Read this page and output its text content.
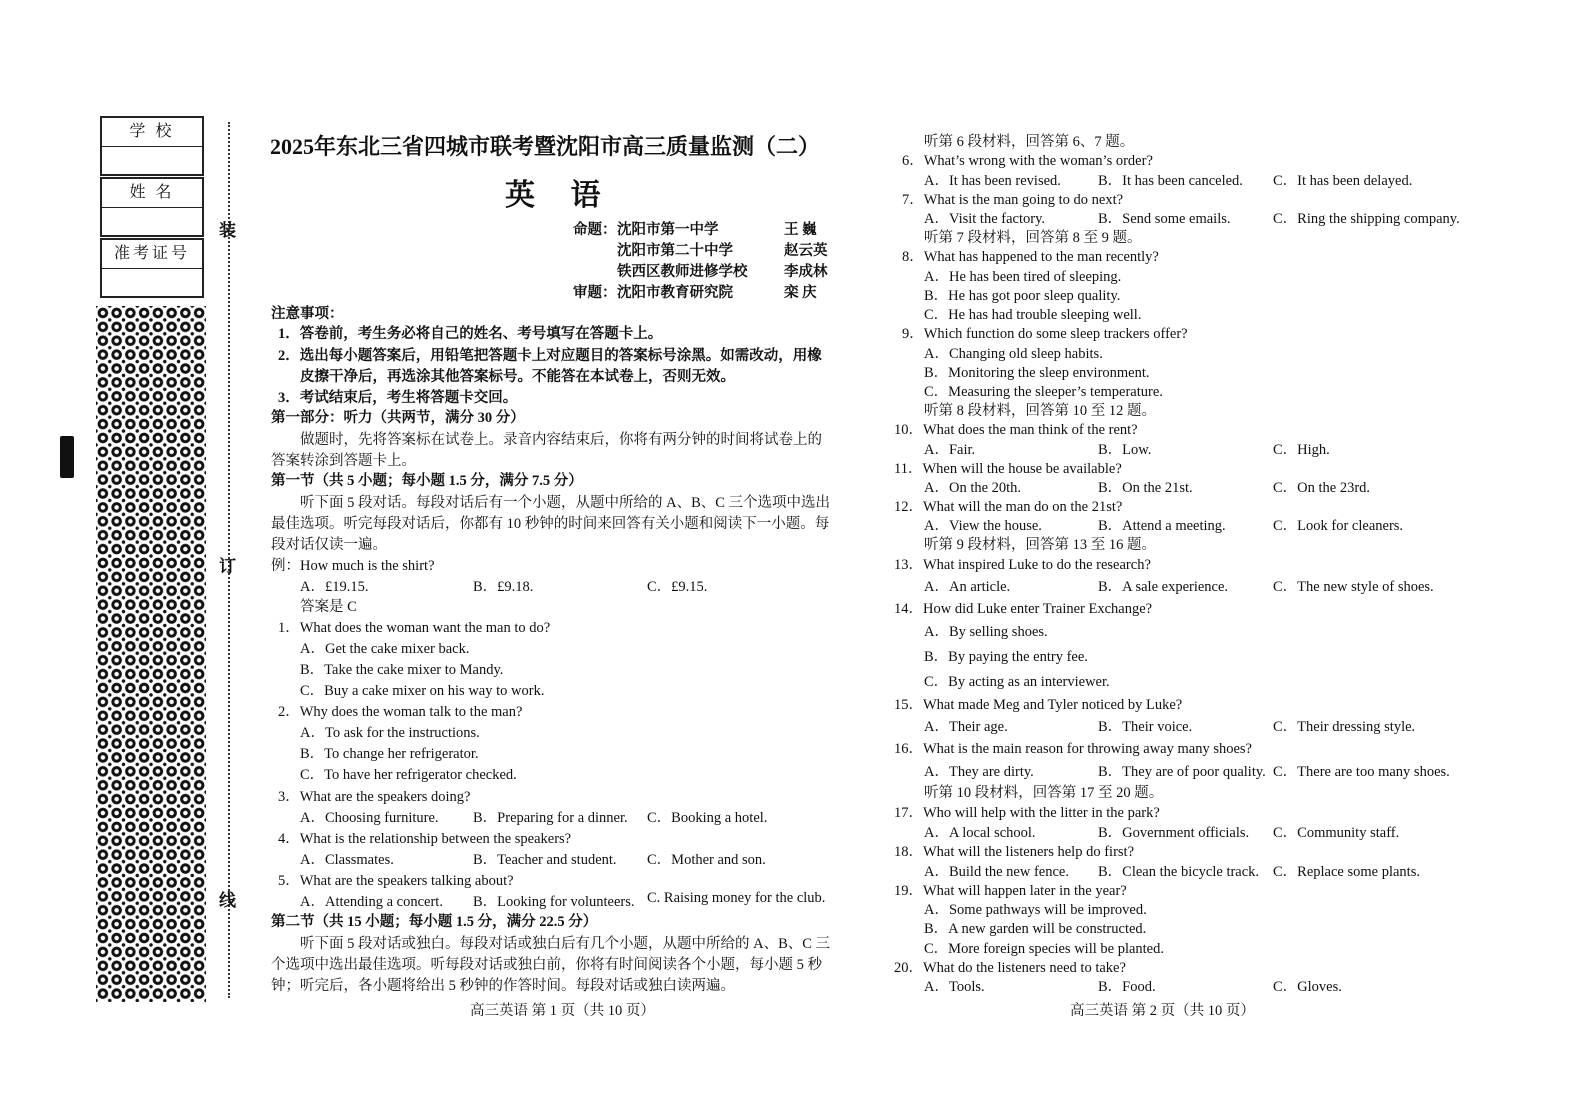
学 校
姓 名
准考证号
装
订
线
2025年东北三省四城市联考暨沈阳市高三质量监测（二）
英 语
命题： 沈阳市第一中学	王 巍
沈阳市第二十中学	赵云英
铁西区教师进修学校	李成林
审题： 沈阳市教育研究院	栾 庆
注意事项：
1．答卷前，考生务必将自己的姓名、考号填写在答题卡上。
2．选出每小题答案后，用铅笔把答题卡上对应题目的答案标号涂黑。如需改动，用橡
皮擦干净后，再选涂其他答案标号。不能答在本试卷上，否则无效。
3．考试结束后，考生将答题卡交回。
第一部分：听力（共两节，满分 30 分）
做题时，先将答案标在试卷上。录音内容结束后，你将有两分钟的时间将试卷上的
答案转涂到答题卡上。
第一节（共 5 小题；每小题 1.5 分，满分 7.5 分）
听下面 5 段对话。每段对话后有一个小题，从题中所给的 A、B、C 三个选项中选出
最佳选项。听完每段对话后，你都有 10 秒钟的时间来回答有关小题和阅读下一小题。每
段对话仅读一遍。
例：How much is the shirt?
A．£19.15.	B．£9.18.	C．£9.15.
答案是 C
1．What does the woman want the man to do?
A．Get the cake mixer back.
B．Take the cake mixer to Mandy.
C．Buy a cake mixer on his way to work.
2．Why does the woman talk to the man?
A．To ask for the instructions.
B．To change her refrigerator.
C．To have her refrigerator checked.
3．What are the speakers doing?
A．Choosing furniture. B．Preparing for a dinner. C．Booking a hotel.
4．What is the relationship between the speakers?
A．Classmates.	B．Teacher and student. C．Mother and son.
5．What are the speakers talking about?
A．Attending a concert. B．Looking for volunteers. C. Raising money for the club.
第二节（共 15 小题；每小题 1.5 分，满分 22.5 分）
听下面 5 段对话或独白。每段对话或独白后有几个小题，从题中所给的 A、B、C 三
个选项中选出最佳选项。听每段对话或独白前，你将有时间阅读各个小题，每小题 5 秒
钟；听完后，各小题将给出 5 秒钟的作答时间。每段对话或独白读两遍。
高三英语 第 1 页（共 10 页）
听第 6 段材料，回答第 6、7 题。
6．What’s wrong with the woman’s order?
A．It has been revised.	B．It has been canceled. C．It has been delayed.
7．What is the man going to do next?
A．Visit the factory.	B．Send some emails.	C．Ring the shipping company.
听第 7 段材料，回答第 8 至 9 题。
8．What has happened to the man recently?
A．He has been tired of sleeping.
B．He has got poor sleep quality.
C．He has had trouble sleeping well.
9．Which function do some sleep trackers offer?
A．Changing old sleep habits.
B．Monitoring the sleep environment.
C．Measuring the sleeper’s temperature.
听第 8 段材料，回答第 10 至 12 题。
10．What does the man think of the rent?
A．Fair.	B．Low.	C．High.
11．When will the house be available?
A．On the 20th.	B．On the 21st.	C．On the 23rd.
12．What will the man do on the 21st?
A．View the house.	B．Attend a meeting.	C．Look for cleaners.
听第 9 段材料，回答第 13 至 16 题。
13．What inspired Luke to do the research?
A．An article.	B．A sale experience.	C．The new style of shoes.
14．How did Luke enter Trainer Exchange?
A．By selling shoes.
B．By paying the entry fee.
C．By acting as an interviewer.
15．What made Meg and Tyler noticed by Luke?
A．Their age.	B．Their voice.	C．Their dressing style.
16．What is the main reason for throwing away many shoes?
A．They are dirty.	B．They are of poor quality. C．There are too many shoes.
听第 10 段材料，回答第 17 至 20 题。
17．Who will help with the litter in the park?
A．A local school.	B．Government officials. C．Community staff.
18．What will the listeners help do first?
A．Build the new fence. B．Clean the bicycle track. C．Replace some plants.
19．What will happen later in the year?
A．Some pathways will be improved.
B．A new garden will be constructed.
C．More foreign species will be planted.
20．What do the listeners need to take?
A．Tools.	B．Food.	C．Gloves.
高三英语 第 2 页（共 10 页）
